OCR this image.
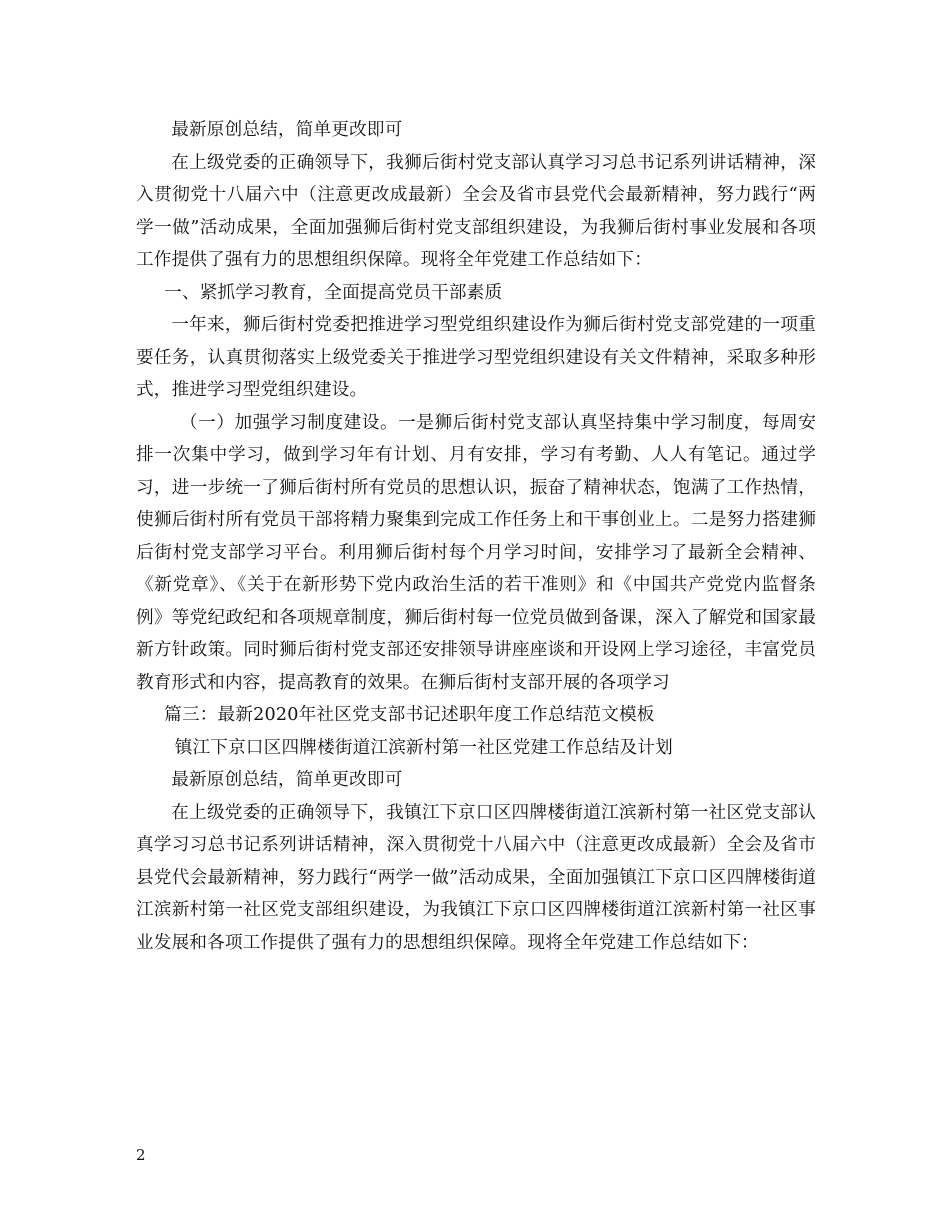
最新原创总结，简单更改即可

在上级党委的正确领导下，我狮后街村党支部认真学习习总书记系列讲话精神，深入贯彻党十八届六中（注意更改成最新）全会及省市县党代会最新精神，努力践行“两学一做”活动成果，全面加强狮后街村党支部组织建设，为我狮后街村事业发展和各项工作提供了强有力的思想组织保障。现将全年党建工作总结如下：

一、紧抓学习教育，全面提高党员干部素质

一年来，狮后街村党委把推进学习型党组织建设作为狮后街村党支部党建的一项重要任务，认真贯彻落实上级党委关于推进学习型党组织建设有关文件精神，采取多种形式，推进学习型党组织建设。

（一）加强学习制度建设。一是狮后街村党支部认真坚持集中学习制度，每周安排一次集中学习，做到学习年有计划、月有安排，学习有考勤、人人有笔记。通过学习，进一步统一了狮后街村所有党员的思想认识，振奋了精神状态，饱满了工作热情，使狮后街村所有党员干部将精力聚集到完成工作任务上和干事创业上。二是努力搭建狮后街村党支部学习平台。利用狮后街村每个月学习时间，安排学习了最新全会精神、《新党章》、《关于在新形势下党内政治生活的若干准则》和《中国共产党党内监督条例》等党纪政纪和各项规章制度，狮后街村每一位党员做到备课，深入了解党和国家最新方针政策。同时狮后街村党支部还安排领导讲座座谈和开设网上学习途径，丰富党员教育形式和内容，提高教育的效果。在狮后街村支部开展的各项学习

篇三：最新2020年社区党支部书记述职年度工作总结范文模板

镇江下京口区四牌楼街道江滨新村第一社区党建工作总结及计划

最新原创总结，简单更改即可

在上级党委的正确领导下，我镇江下京口区四牌楼街道江滨新村第一社区党支部认真学习习总书记系列讲话精神，深入贯彻党十八届六中（注意更改成最新）全会及省市县党代会最新精神，努力践行“两学一做”活动成果，全面加强镇江下京口区四牌楼街道江滨新村第一社区党支部组织建设，为我镇江下京口区四牌楼街道江滨新村第一社区事业发展和各项工作提供了强有力的思想组织保障。现将全年党建工作总结如下：

2
